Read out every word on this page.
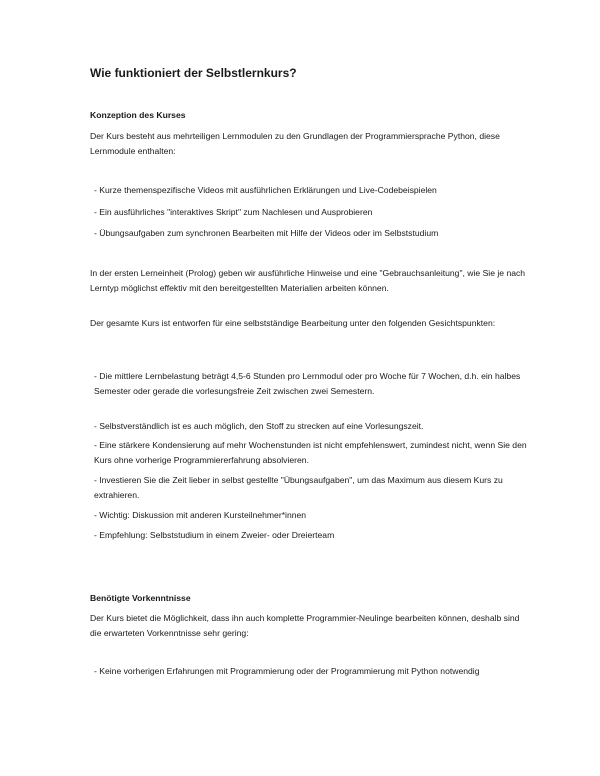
Wie funktioniert der Selbstlernkurs?
Konzeption des Kurses

Der Kurs besteht aus mehrteiligen Lernmodulen zu den Grundlagen der Programmiersprache Python, diese Lernmodule enthalten:

- Kurze themenspezifische Videos mit ausführlichen Erklärungen und Live-Codebeispielen

- Ein ausführliches "interaktives Skript" zum Nachlesen und Ausprobieren

- Übungsaufgaben zum synchronen Bearbeiten mit Hilfe der Videos oder im Selbststudium

In der ersten Lerneinheit (Prolog) geben wir ausführliche Hinweise und eine "Gebrauchsanleitung", wie Sie je nach Lerntyp möglichst effektiv mit den bereitgestellten Materialien arbeiten können.

Der gesamte Kurs ist entworfen für eine selbstständige Bearbeitung unter den folgenden Gesichtspunkten:

- Die mittlere Lernbelastung beträgt 4,5-6 Stunden pro Lernmodul oder pro Woche für 7 Wochen, d.h. ein halbes Semester oder gerade die vorlesungsfreie Zeit zwischen zwei Semestern.

- Selbstverständlich ist es auch möglich, den Stoff zu strecken auf eine Vorlesungszeit.

- Eine stärkere Kondensierung auf mehr Wochenstunden ist nicht empfehlenswert, zumindest nicht, wenn Sie den Kurs ohne vorherige Programmiererfahrung absolvieren.

- Investieren Sie die Zeit lieber in selbst gestellte "Übungsaufgaben", um das Maximum aus diesem Kurs zu extrahieren.

- Wichtig: Diskussion mit anderen Kursteilnehmer*innen

- Empfehlung: Selbststudium in einem Zweier- oder Dreierteam

Benötigte Vorkenntnisse

Der Kurs bietet die Möglichkeit, dass ihn auch komplette Programmier-Neulinge bearbeiten können, deshalb sind die erwarteten Vorkenntnisse sehr gering:

- Keine vorherigen Erfahrungen mit Programmierung oder der Programmierung mit Python notwendig
